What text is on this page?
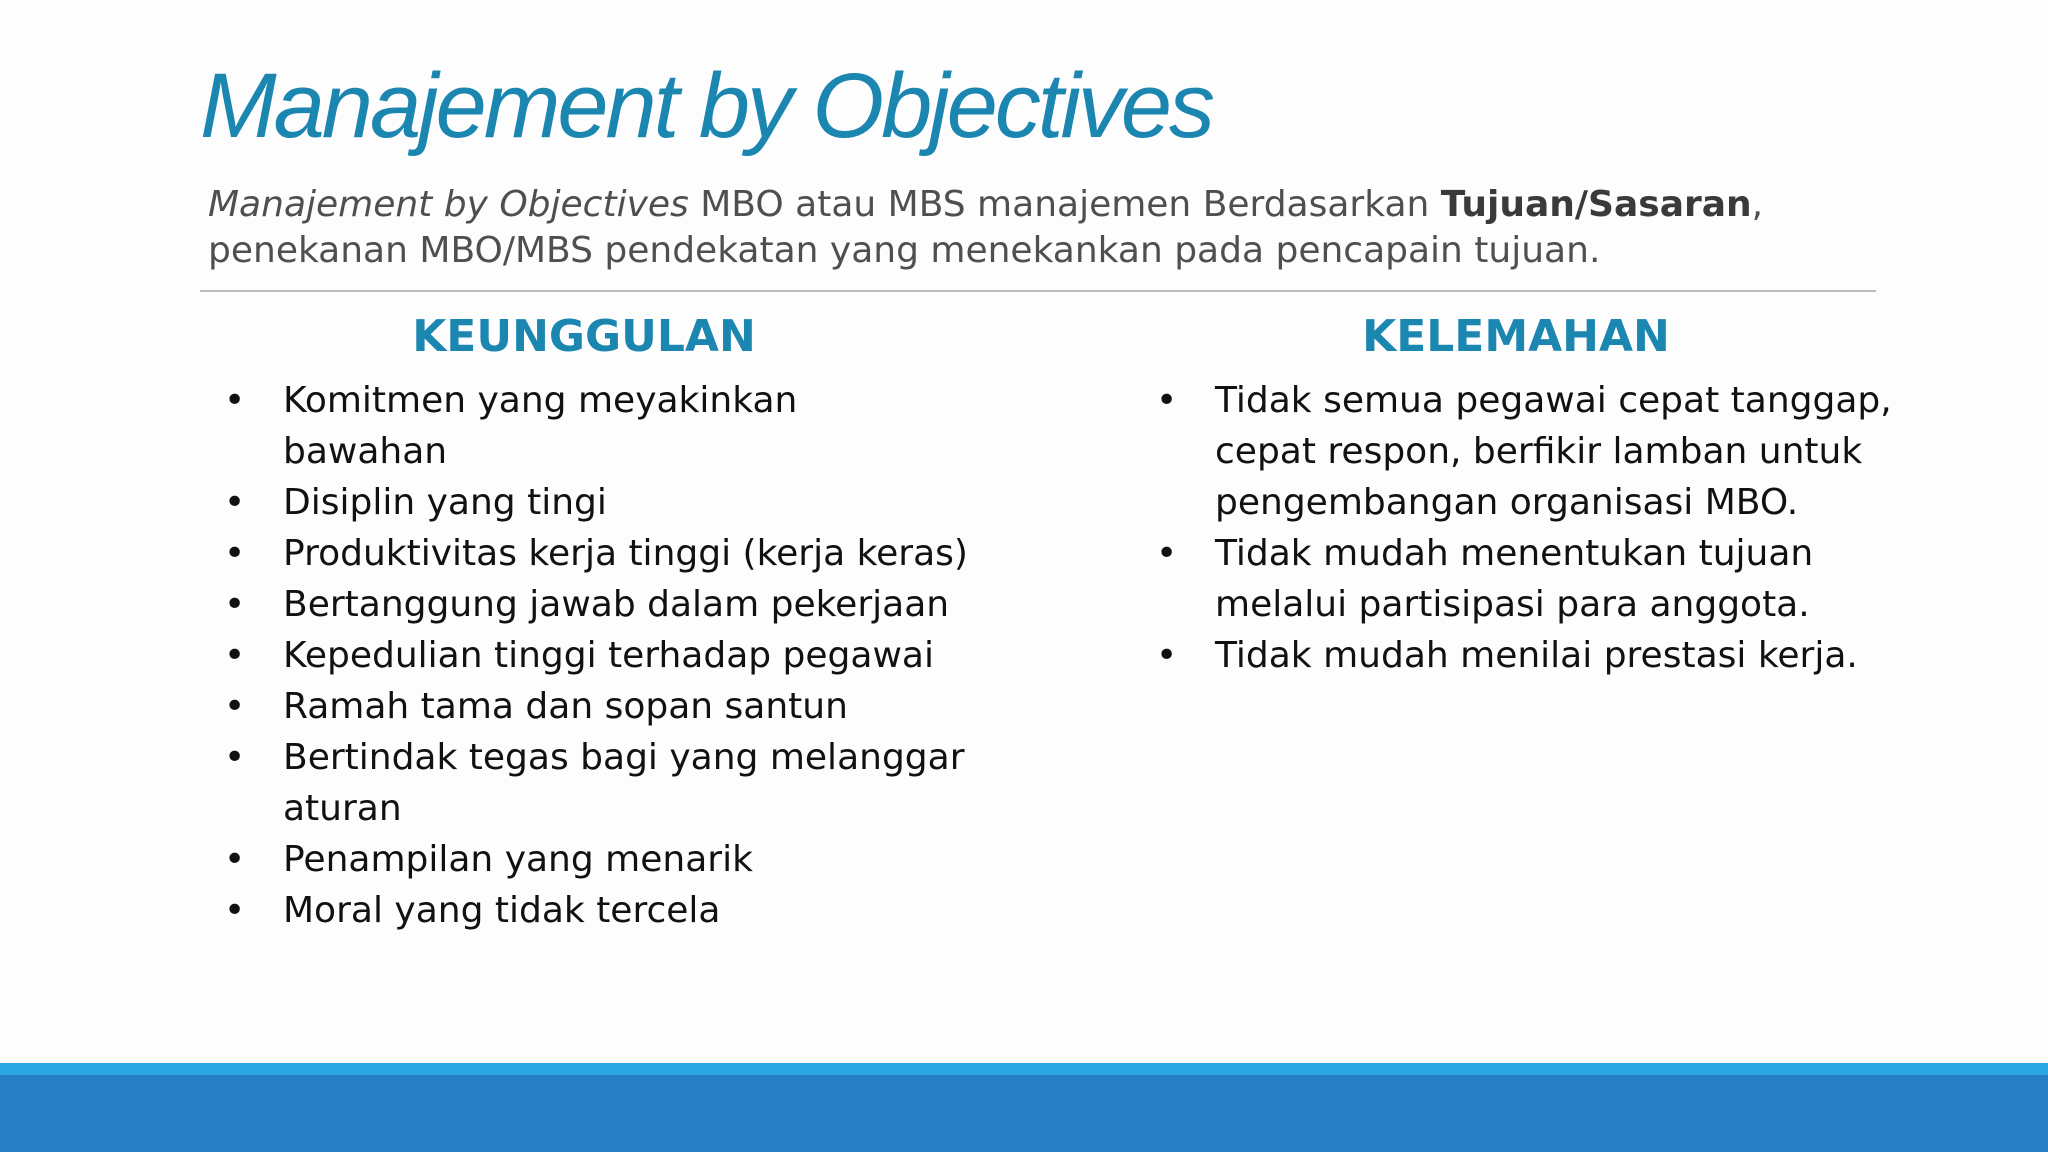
Manajement by Objectives

Manajement by Objectives MBO atau MBS manajemen Berdasarkan Tujuan/Sasaran, penekanan MBO/MBS pendekatan yang menekankan pada pencapain tujuan.

KEUNGGULAN
• Komitmen yang meyakinkan bawahan
• Disiplin yang tingi
• Produktivitas kerja tinggi (kerja keras)
• Bertanggung jawab dalam pekerjaan
• Kepedulian tinggi terhadap pegawai
• Ramah tama dan sopan santun
• Bertindak tegas bagi yang melanggar aturan
• Penampilan yang menarik
• Moral yang tidak tercela
KELEMAHAN
• Tidak semua pegawai cepat tanggap, cepat respon, berfikir lamban untuk pengembangan organisasi MBO.
• Tidak mudah menentukan tujuan melalui partisipasi para anggota.
• Tidak mudah menilai prestasi kerja.
